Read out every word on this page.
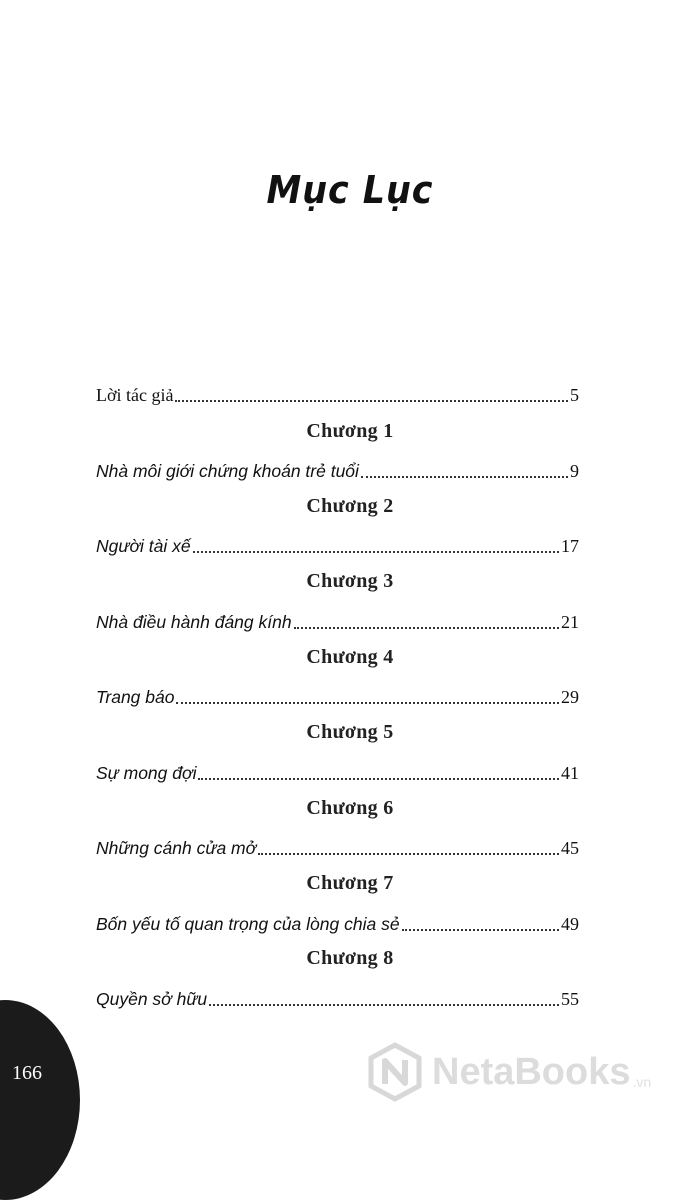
Mục Lục
Lời tác giả	5
Chương 1
Nhà môi giới chứng khoán trẻ tuổi	9
Chương 2
Người tài xế	17
Chương 3
Nhà điều hành đáng kính	21
Chương 4
Trang báo	29
Chương 5
Sự mong đợi	41
Chương 6
Những cánh cửa mở	45
Chương 7
Bốn yếu tố quan trọng của lòng chia sẻ	49
Chương 8
Quyền sở hữu	55
166	NetaBooks .vn
